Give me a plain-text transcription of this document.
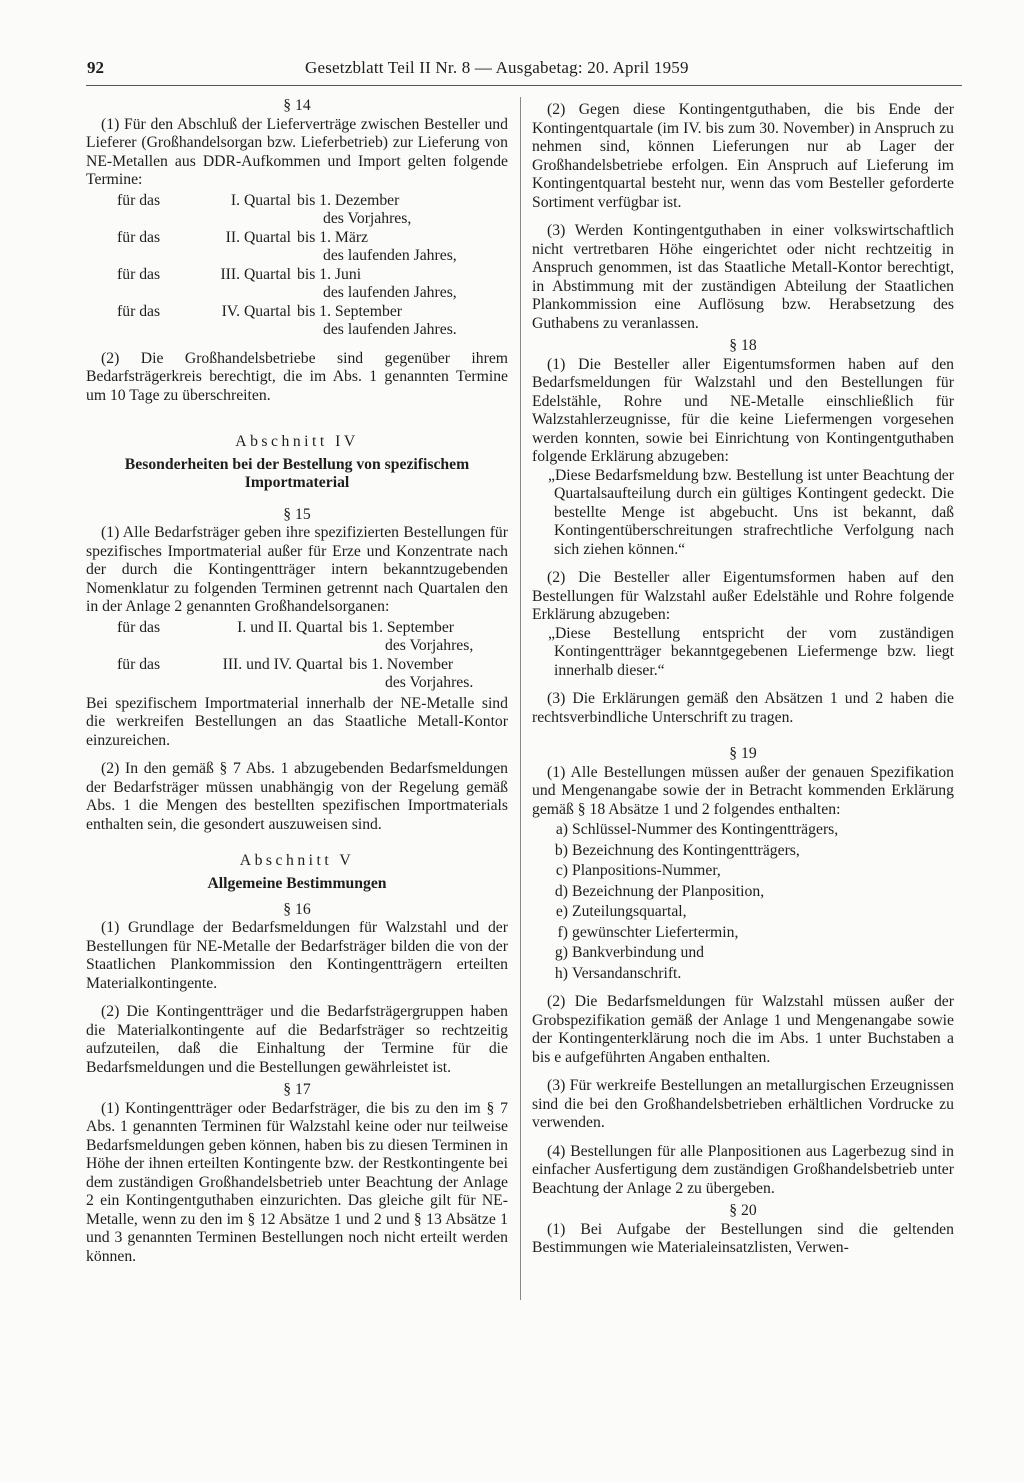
92	Gesetzblatt Teil II Nr. 8 — Ausgabetag: 20. April 1959

§ 14

(1) Für den Abschluß der Lieferverträge zwischen Besteller und Lieferer (Großhandelsorgan bzw. Lieferbetrieb) zur Lieferung von NE-Metallen aus DDR-Aufkommen und Import gelten folgende Termine:

für das	I. Quartal	bis 1. Dezember
des Vorjahres,

für das	II. Quartal	bis 1. März
des laufenden Jahres,

für das	III. Quartal	bis 1. Juni
des laufenden Jahres,

für das	IV. Quartal	bis 1. September
des laufenden Jahres.

(2) Die Großhandelsbetriebe sind gegenüber ihrem Bedarfsträgerkreis berechtigt, die im Abs. 1 genannten Termine um 10 Tage zu überschreiten.

Abschnitt IV

Besonderheiten bei der Bestellung von spezifischem Importmaterial

§ 15

(1) Alle Bedarfsträger geben ihre spezifizierten Bestellungen für spezifisches Importmaterial außer für Erze und Konzentrate nach der durch die Kontingentträger intern bekanntzugebenden Nomenklatur zu folgenden Terminen getrennt nach Quartalen den in der Anlage 2 genannten Großhandelsorganen:

für das	I. und II. Quartal	bis 1. September
des Vorjahres,

für das	III. und IV. Quartal	bis 1. November
des Vorjahres.

Bei spezifischem Importmaterial innerhalb der NE-Metalle sind die werkreifen Bestellungen an das Staatliche Metall-Kontor einzureichen.

(2) In den gemäß § 7 Abs. 1 abzugebenden Bedarfsmeldungen der Bedarfsträger müssen unabhängig von der Regelung gemäß Abs. 1 die Mengen des bestellten spezifischen Importmaterials enthalten sein, die gesondert auszuweisen sind.

Abschnitt V

Allgemeine Bestimmungen

§ 16

(1) Grundlage der Bedarfsmeldungen für Walzstahl und der Bestellungen für NE-Metalle der Bedarfsträger bilden die von der Staatlichen Plankommission den Kontingentträgern erteilten Materialkontingente.

(2) Die Kontingentträger und die Bedarfsträgergruppen haben die Materialkontingente auf die Bedarfsträger so rechtzeitig aufzuteilen, daß die Einhaltung der Termine für die Bedarfsmeldungen und die Bestellungen gewährleistet ist.

§ 17

(1) Kontingentträger oder Bedarfsträger, die bis zu den im § 7 Abs. 1 genannten Terminen für Walzstahl keine oder nur teilweise Bedarfsmeldungen geben können, haben bis zu diesen Terminen in Höhe der ihnen erteilten Kontingente bzw. der Restkontingente bei dem zuständigen Großhandelsbetrieb unter Beachtung der Anlage 2 ein Kontingentguthaben einzurichten. Das gleiche gilt für NE-Metalle, wenn zu den im § 12 Absätze 1 und 2 und § 13 Absätze 1 und 3 genannten Terminen Bestellungen noch nicht erteilt werden können.

(2) Gegen diese Kontingentguthaben, die bis Ende der Kontingentquartale (im IV. bis zum 30. November) in Anspruch zu nehmen sind, können Lieferungen nur ab Lager der Großhandelsbetriebe erfolgen. Ein Anspruch auf Lieferung im Kontingentquartal besteht nur, wenn das vom Besteller geforderte Sortiment verfügbar ist.

(3) Werden Kontingentguthaben in einer volkswirtschaftlich nicht vertretbaren Höhe eingerichtet oder nicht rechtzeitig in Anspruch genommen, ist das Staatliche Metall-Kontor berechtigt, in Abstimmung mit der zuständigen Abteilung der Staatlichen Plankommission eine Auflösung bzw. Herabsetzung des Guthabens zu veranlassen.

§ 18

(1) Die Besteller aller Eigentumsformen haben auf den Bedarfsmeldungen für Walzstahl und den Bestellungen für Edelstähle, Rohre und NE-Metalle einschließlich für Walzstahlerzeugnisse, für die keine Liefermengen vorgesehen werden konnten, sowie bei Einrichtung von Kontingentguthaben folgende Erklärung abzugeben:

„Diese Bedarfsmeldung bzw. Bestellung ist unter Beachtung der Quartalsaufteilung durch ein gültiges Kontingent gedeckt. Die bestellte Menge ist abgebucht. Uns ist bekannt, daß Kontingentüberschreitungen strafrechtliche Verfolgung nach sich ziehen können.“

(2) Die Besteller aller Eigentumsformen haben auf den Bestellungen für Walzstahl außer Edelstähle und Rohre folgende Erklärung abzugeben:

„Diese Bestellung entspricht der vom zuständigen Kontingentträger bekanntgegebenen Liefermenge bzw. liegt innerhalb dieser.“

(3) Die Erklärungen gemäß den Absätzen 1 und 2 haben die rechtsverbindliche Unterschrift zu tragen.

§ 19

(1) Alle Bestellungen müssen außer der genauen Spezifikation und Mengenangabe sowie der in Betracht kommenden Erklärung gemäß § 18 Absätze 1 und 2 folgendes enthalten:

a) Schlüssel-Nummer des Kontingentträgers,
b) Bezeichnung des Kontingentträgers,
c) Planpositions-Nummer,
d) Bezeichnung der Planposition,
e) Zuteilungsquartal,
f) gewünschter Liefertermin,
g) Bankverbindung und
h) Versandanschrift.

(2) Die Bedarfsmeldungen für Walzstahl müssen außer der Grobspezifikation gemäß der Anlage 1 und Mengenangabe sowie der Kontingenterklärung noch die im Abs. 1 unter Buchstaben a bis e aufgeführten Angaben enthalten.

(3) Für werkreife Bestellungen an metallurgischen Erzeugnissen sind die bei den Großhandelsbetrieben erhältlichen Vordrucke zu verwenden.

(4) Bestellungen für alle Planpositionen aus Lagerbezug sind in einfacher Ausfertigung dem zuständigen Großhandelsbetrieb unter Beachtung der Anlage 2 zu übergeben.

§ 20

(1) Bei Aufgabe der Bestellungen sind die geltenden Bestimmungen wie Materialeinsatzlisten, Verwen-
